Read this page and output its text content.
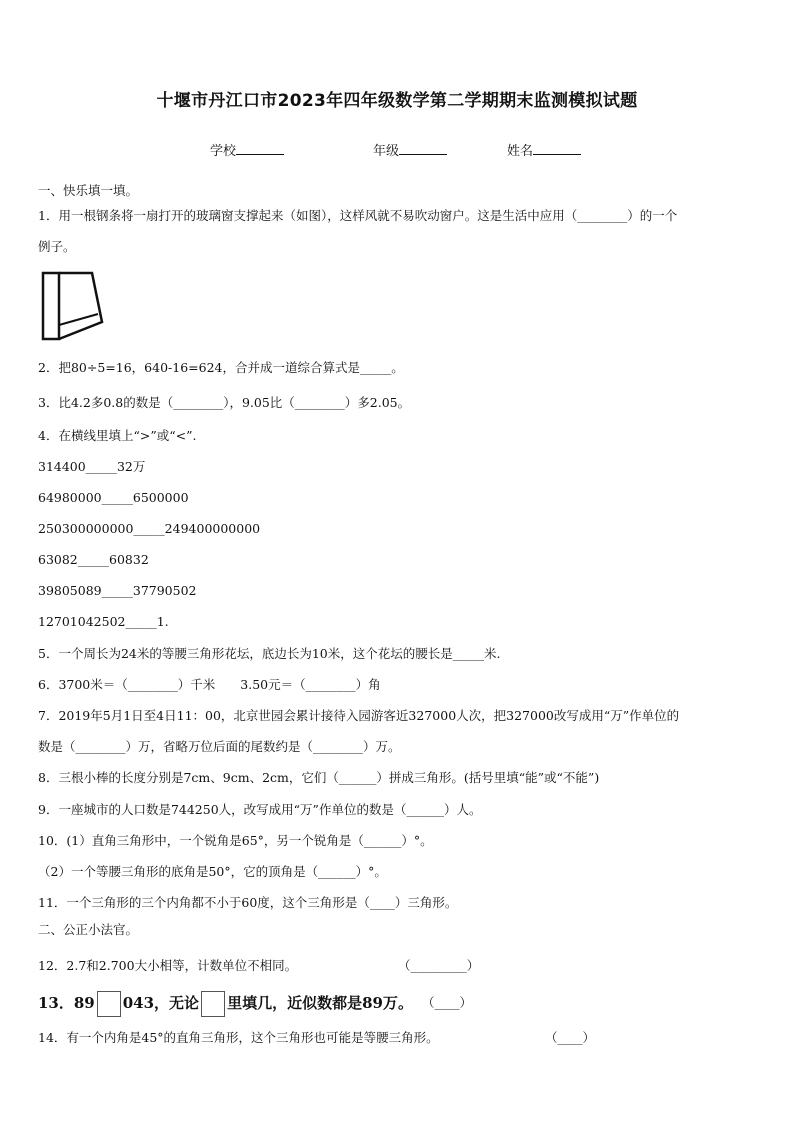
十堰市丹江口市2023年四年级数学第二学期期末监测模拟试题
学校	年级	姓名
一、快乐填一填。
1．用一根钢条将一扇打开的玻璃窗支撑起来（如图），这样风就不易吹动窗户。这是生活中应用（________）的一个
例子。
2．把80÷5=16，640-16=624，合并成一道综合算式是_____。
3．比4.2多0.8的数是（________），9.05比（________）多2.05。
4．在横线里填上“>”或“<”.
314400_____32万
64980000_____6500000
250300000000_____249400000000
63082_____60832
39805089_____37790502
12701042502_____1.
5．一个周长为24米的等腰三角形花坛，底边长为10米，这个花坛的腰长是_____米.
6．3700米＝（________）千米　　3.50元＝（________）角
7．2019年5月1日至4日11：00，北京世园会累计接待入园游客近327000人次，把327000改写成用“万”作单位的
数是（________）万，省略万位后面的尾数约是（________）万。
8．三根小棒的长度分别是7cm、9cm、2cm，它们（______）拼成三角形。(括号里填“能”或“不能”)
9．一座城市的人口数是744250人，改写成用“万”作单位的数是（______）人。
10．(1）直角三角形中，一个锐角是65°，另一个锐角是（______）°。
（2）一个等腰三角形的底角是50°，它的顶角是（______）°。
11．一个三角形的三个内角都不小于60度，这个三角形是（____）三角形。
二、公正小法官。
12．2.7和2.700大小相等，计数单位不相同。	（_________）
13．89 043，无论 里填几，近似数都是89万。 （____）
14．有一个内角是45°的直角三角形，这个三角形也可能是等腰三角形。	（____）
